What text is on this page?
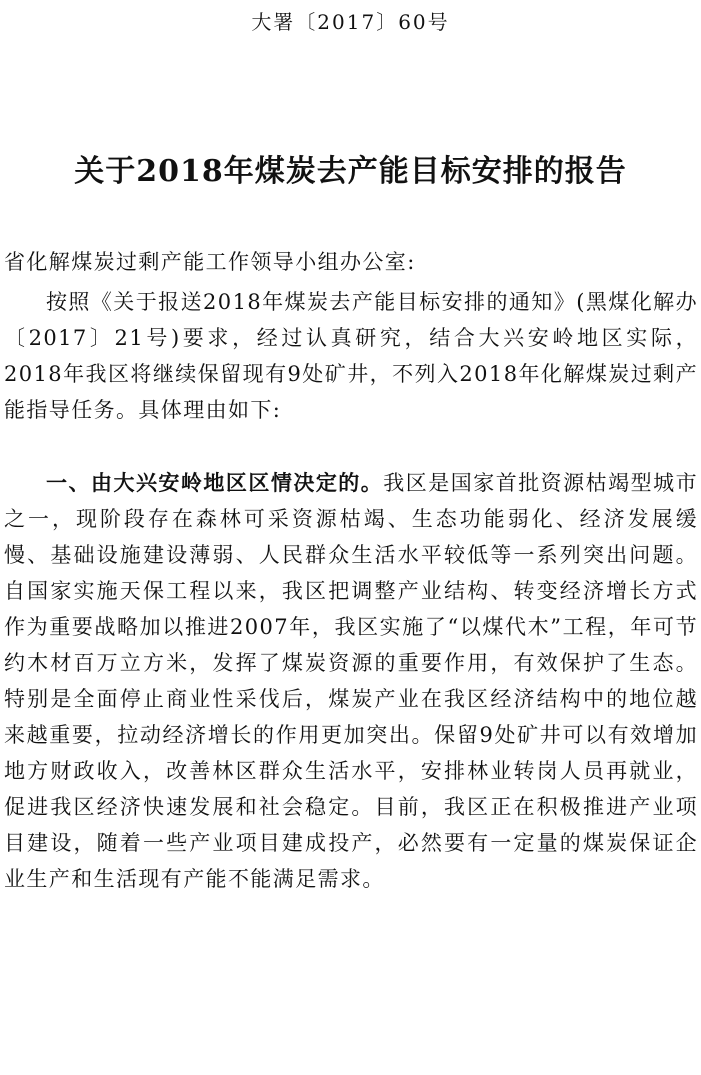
大署〔2017〕60号
关于2018年煤炭去产能目标安排的报告

省化解煤炭过剩产能工作领导小组办公室:

按照《关于报送2018年煤炭去产能目标安排的通知》(黑煤化解办〔2017〕21号)要求，经过认真研究，结合大兴安岭地区实际， 2018年我区将继续保留现有9处矿井，不列入2018年化解煤炭过剩产能指导任务。具体理由如下:

一、由大兴安岭地区区情决定的。我区是国家首批资源枯竭型城市之一，现阶段存在森林可采资源枯竭、生态功能弱化、经济发展缓慢、基础设施建设薄弱、人民群众生活水平较低等一系列突出问题。自国家实施天保工程以来，我区把调整产业结构、转变经济增长方式作为重要战略加以推进2007年，我区实施了“以煤代木”工程，年可节约木材百万立方米，发挥了煤炭资源的重要作用，有效保护了生态。特别是全面停止商业性采伐后，煤炭产业在我区经济结构中的地位越来越重要，拉动经济增长的作用更加突出。保留9处矿井可以有效增加地方财政收入，改善林区群众生活水平，安排林业转岗人员再就业，促进我区经济快速发展和社会稳定。目前，我区正在积极推进产业项目建设，随着一些产业项目建成投产，必然要有一定量的煤炭保证企业生产和生活现有产能不能满足需求。
